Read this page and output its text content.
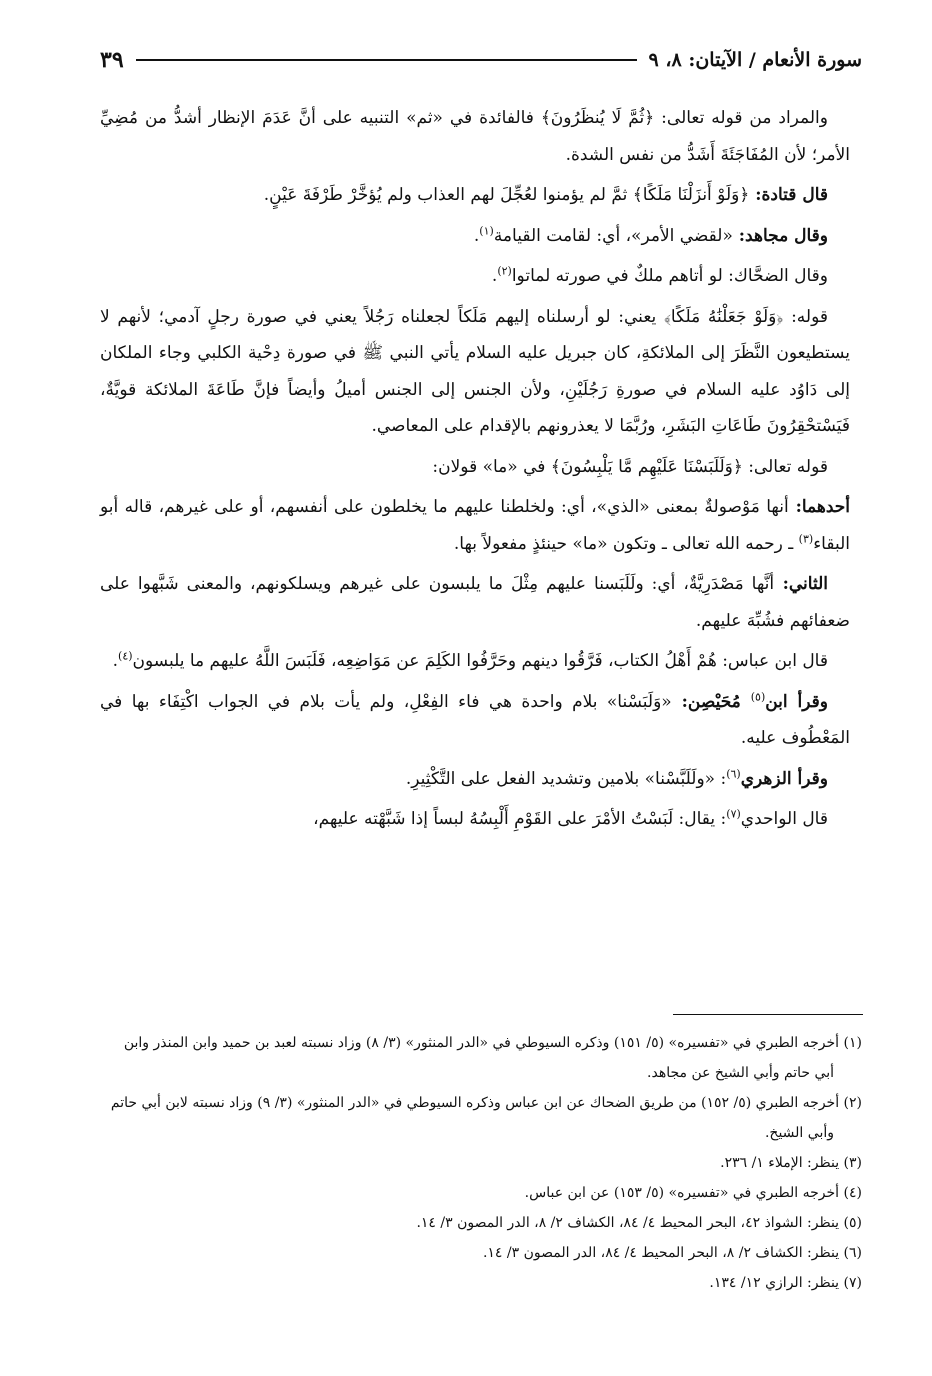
سورة الأنعام / الآيتان: ٨، ٩
٣٩

والمراد من قوله تعالى: ﴿ثُمَّ لَا يُنظَرُونَ﴾ فالفائدة في «ثم» التنبيه على أنَّ عَدَمَ الإنظار أشدُّ من مُضِيِّ الأمر؛ لأن المُفَاجَئَةَ أَشَدُّ من نفس الشدة.

قال قتادة: ﴿وَلَوْ أَنزَلْنَا مَلَكًا﴾ ثمَّ لم يؤمنوا لعُجِّلَ لهم العذاب ولم يُؤخَّرْ طَرْفَةَ عَيْنٍ.

وقال مجاهد: «لقضي الأمر»، أي: لقامت القيامة$^{(١)}$.

وقال الضحَّاك: لو أتاهم ملكٌ في صورته لماتوا$^{(٢)}$.

قوله: ﴿وَلَوْ جَعَلْنَٰهُ مَلَكًا﴾ يعني: لو أرسلناه إليهم مَلَكاً لجعلناه رَجُلاً يعني في صورة رجلٍ آدمي؛ لأنهم لا يستطيعون النَّظَرَ إلى الملائكةِ، كان جبريل عليه السلام يأتي النبي ﷺ في صورة دِحْية الكلبي وجاء الملكان إلى دَاوُد عليه السلام في صورةِ رَجُلَيْنِ، ولأن الجنس إلى الجنس أميلُ وأيضاً فإنَّ طَاعَةَ الملائكة قويَّةٌ، فَيَسْتحْقِرُونَ طَاعَاتِ البَشَرِ، ورُبَّمَا لا يعذرونهم بالإقدام على المعاصي.

قوله تعالى: ﴿وَلَلَبَسْنَا عَلَيْهِم مَّا يَلْبِسُونَ﴾ في «ما» قولان:

أحدهما: أنها مَوْصولةٌ بمعنى «الذي»، أي: ولخلطنا عليهم ما يخلطون على أنفسهم، أو على غيرهم، قاله أبو البقاء$^{(٣)}$ ـ رحمه الله تعالى ـ وتكون «ما» حينئذٍ مفعولاً بها.

الثاني: أنَّها مَصْدَرِيَّةٌ، أي: ولَلَبَسنا عليهم مِثْلَ ما يلبسون على غيرهم ويسلكونهم، والمعنى شَبَّهوا على ضعفائهم فشُبِّهَ عليهم.

قال ابن عباس: هُمْ أَهْلُ الكتاب، فَرَّقُوا دينهم وحَرَّفُوا الكَلِمَ عن مَوَاضِعِه، فَلَبَسَ اللَّهُ عليهم ما يلبسون$^{(٤)}$.

وقرأ ابن$^{(٥)}$ مُحَيْصِن: «وَلَبَسْنا» بلام واحدة هي فاء الفِعْلِ، ولم يأت بلام في الجواب اكْتِفَاء بها في المَعْطُوف عليه.

وقرأ الزهري$^{(٦)}$: «ولَلَبَّسْنا» بلامين وتشديد الفعل على التَّكْثِيرِ.

قال الواحدي$^{(٧)}$: يقال: لَبَسْتُ الأمْرَ على القَوْمِ أَلْبِسُهُ لبساً إذا شَبَّهْته عليهم،

(١) أخرجه الطبري في «تفسيره» (٥/ ١٥١) وذكره السيوطي في «الدر المنثور» (٣/ ٨) وزاد نسبته لعبد بن حميد وابن المنذر وابن أبي حاتم وأبي الشيخ عن مجاهد.

(٢) أخرجه الطبري (٥/ ١٥٢) من طريق الضحاك عن ابن عباس وذكره السيوطي في «الدر المنثور» (٣/ ٩) وزاد نسبته لابن أبي حاتم وأبي الشيخ.

(٣) ينظر: الإملاء ١/ ٢٣٦.

(٤) أخرجه الطبري في «تفسيره» (٥/ ١٥٣) عن ابن عباس.

(٥) ينظر: الشواذ ٤٢، البحر المحيط ٤/ ٨٤، الكشاف ٢/ ٨، الدر المصون ٣/ ١٤.

(٦) ينظر: الكشاف ٢/ ٨، البحر المحيط ٤/ ٨٤، الدر المصون ٣/ ١٤.

(٧) ينظر: الرازي ١٢/ ١٣٤.
